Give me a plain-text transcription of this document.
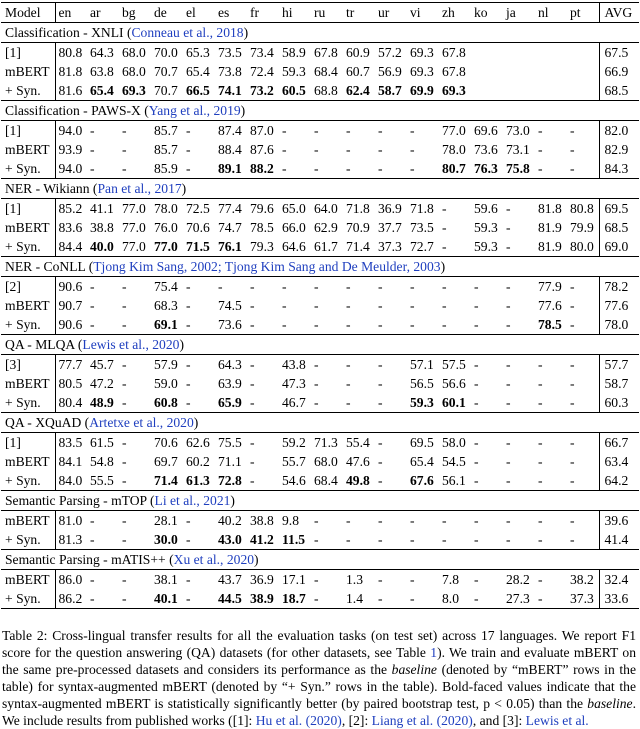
Model	en	ar	bg	de	el	es	fr	hi	ru	tr	ur	vi	zh	ko	ja	nl	pt	AVG
Classification - XNLI (Conneau et al., 2018)																		
[1]	80.8	64.3	68.0	70.0	65.3	73.5	73.4	58.9	67.8	60.9	57.2	69.3	67.8					67.5
mBERT	81.8	63.8	68.0	70.7	65.4	73.8	72.4	59.3	68.4	60.7	56.9	69.3	67.8					66.9
+ Syn.	81.6	65.4	69.3	70.7	66.5	74.1	73.2	60.5	68.8	62.4	58.7	69.9	69.3					68.5
Classification - PAWS-X (Yang et al., 2019)																		
[1]	94.0	-	-	85.7	-	87.4	87.0	-	-	-	-	-	77.0	69.6	73.0	-	-	82.0
mBERT	93.9	-	-	85.7	-	88.4	87.6	-	-	-	-	-	78.0	73.6	73.1	-	-	82.9
+ Syn.	94.0	-	-	85.9	-	89.1	88.2	-	-	-	-	-	80.7	76.3	75.8	-	-	84.3
NER - Wikiann (Pan et al., 2017)																		
[1]	85.2	41.1	77.0	78.0	72.5	77.4	79.6	65.0	64.0	71.8	36.9	71.8	-	59.6	-	81.8	80.8	69.5
mBERT	83.6	38.8	77.0	76.0	70.6	74.7	78.5	66.0	62.9	70.9	37.7	73.5	-	59.3	-	81.9	79.9	68.5
+ Syn.	84.4	40.0	77.0	77.0	71.5	76.1	79.3	64.6	61.7	71.4	37.3	72.7	-	59.3	-	81.9	80.0	69.0
NER - CoNLL (Tjong Kim Sang, 2002; Tjong Kim Sang and De Meulder, 2003)																		
[2]	90.6	-	-	75.4	-	-	-	-	-	-	-	-	-	-	-	77.9	-	78.2
mBERT	90.7	-	-	68.3	-	74.5	-	-	-	-	-	-	-	-	-	77.6	-	77.6
+ Syn.	90.6	-	-	69.1	-	73.6	-	-	-	-	-	-	-	-	-	78.5	-	78.0
QA - MLQA (Lewis et al., 2020)																		
[3]	77.7	45.7	-	57.9	-	64.3	-	43.8	-	-	-	57.1	57.5	-	-	-	-	57.7
mBERT	80.5	47.2	-	59.0	-	63.9	-	47.3	-	-	-	56.5	56.6	-	-	-	-	58.7
+ Syn.	80.4	48.9	-	60.8	-	65.9	-	46.7	-	-	-	59.3	60.1	-	-	-	-	60.3
QA - XQuAD (Artetxe et al., 2020)																		
[1]	83.5	61.5	-	70.6	62.6	75.5	-	59.2	71.3	55.4	-	69.5	58.0	-	-	-	-	66.7
mBERT	84.1	54.8	-	69.7	60.2	71.1	-	55.7	68.0	47.6	-	65.4	54.5	-	-	-	-	63.4
+ Syn.	84.0	55.5	-	71.4	61.3	72.8	-	54.6	68.4	49.8	-	67.6	56.1	-	-	-	-	64.2
Semantic Parsing - mTOP (Li et al., 2021)																		
mBERT	81.0	-	-	28.1	-	40.2	38.8	9.8	-	-	-	-	-	-	-	-	-	39.6
+ Syn.	81.3	-	-	30.0	-	43.0	41.2	11.5	-	-	-	-	-	-	-	-	-	41.4
Semantic Parsing - mATIS++ (Xu et al., 2020)																		
mBERT	86.0	-	-	38.1	-	43.7	36.9	17.1	-	1.3	-	-	7.8	-	28.2	-	38.2	32.4
+ Syn.	86.2	-	-	40.1	-	44.5	38.9	18.7	-	1.4	-	-	8.0	-	27.3	-	37.3	33.6
Table 2: Cross-lingual transfer results for all the evaluation tasks (on test set) across 17 languages. We report F1 score for the question answering (QA) datasets (for other datasets, see Table 1). We train and evaluate mBERT on the same pre-processed datasets and considers its performance as the baseline (denoted by “mBERT” rows in the table) for syntax-augmented mBERT (denoted by “+ Syn.” rows in the table). Bold-faced values indicate that the syntax-augmented mBERT is statistically significantly better (by paired bootstrap test, p < 0.05) than the baseline. We include results from published works ([1]: Hu et al. (2020), [2]: Liang et al. (2020), and [3]: Lewis et al.
